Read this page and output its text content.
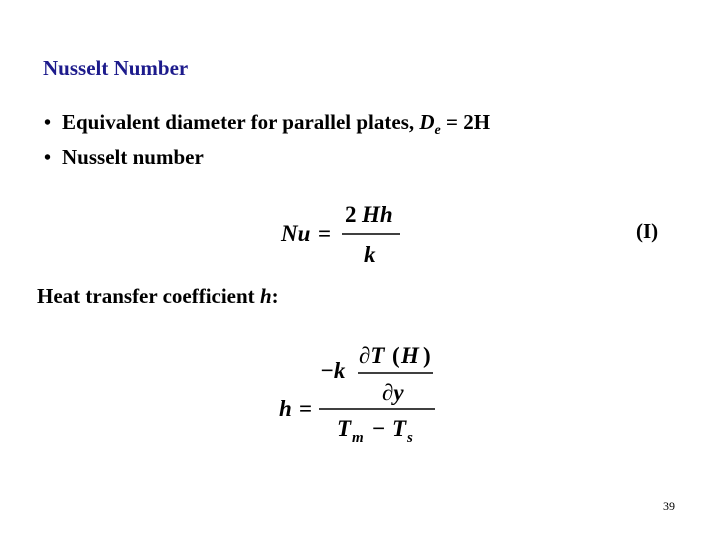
Nusselt Number
• Equivalent diameter for parallel plates, $D_e = 2H$
• Nusselt number
Nu =
2 Hh
k
(I)
Heat transfer coefficient h:
h =
−k
∂T ( H )
∂y
T m − T s
39
